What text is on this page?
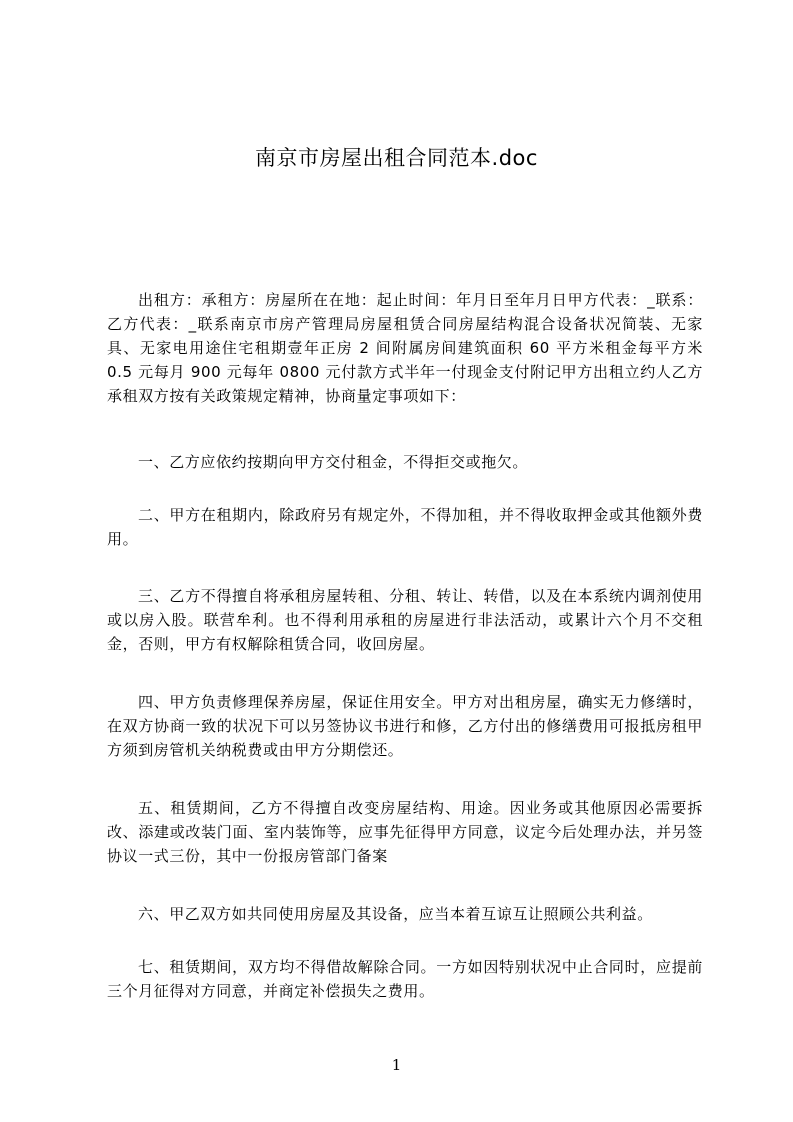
南京市房屋出租合同范本.doc

出租方：承租方：房屋所在在地：起止时间：年月日至年月日甲方代表：_联系：乙方代表：_联系南京市房产管理局房屋租赁合同房屋结构混合设备状况简装、无家具、无家电用途住宅租期壹年正房 2 间附属房间建筑面积 60 平方米租金每平方米 0.5 元每月 900 元每年 0800 元付款方式半年一付现金支付附记甲方出租立约人乙方承租双方按有关政策规定精神，协商量定事项如下：

一、乙方应依约按期向甲方交付租金，不得拒交或拖欠。

二、甲方在租期内，除政府另有规定外，不得加租，并不得收取押金或其他额外费用。

三、乙方不得擅自将承租房屋转租、分租、转让、转借，以及在本系统内调剂使用或以房入股。联营牟利。也不得利用承租的房屋进行非法活动，或累计六个月不交租金，否则，甲方有权解除租赁合同，收回房屋。

四、甲方负责修理保养房屋，保证住用安全。甲方对出租房屋，确实无力修缮时，在双方协商一致的状况下可以另签协议书进行和修，乙方付出的修缮费用可报抵房租甲方须到房管机关纳税费或由甲方分期偿还。

五、租赁期间，乙方不得擅自改变房屋结构、用途。因业务或其他原因必需要拆改、添建或改装门面、室内装饰等，应事先征得甲方同意，议定今后处理办法，并另签协议一式三份，其中一份报房管部门备案

六、甲乙双方如共同使用房屋及其设备，应当本着互谅互让照顾公共利益。

七、租赁期间，双方均不得借故解除合同。一方如因特别状况中止合同时，应提前三个月征得对方同意，并商定补偿损失之费用。

1
